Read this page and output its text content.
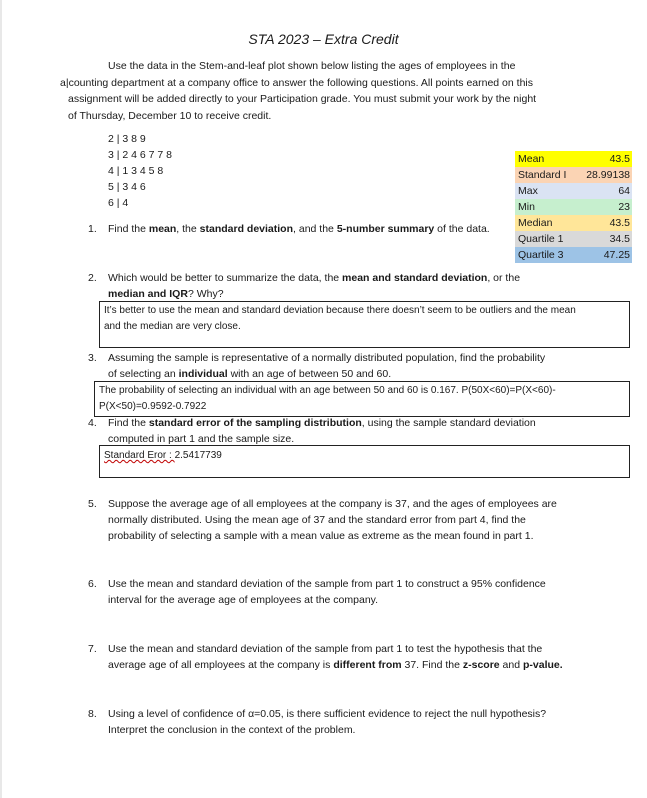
STA 2023 – Extra Credit
Use the data in the Stem-and-leaf plot shown below listing the ages of employees in the
a|counting department at a company office to answer the following questions. All points earned on this
assignment will be added directly to your Participation grade. You must submit your work by the night
of Thursday, December 10 to receive credit.
2 | 3 8 9
3 | 2 4 6 7 7 8
4 | 1 3 4 5 8
5 | 3 4 6
6 | 4
Mean	43.5
Standard I 28.99138
Max	64
Min	23
Median	43.5
Quartile 1	34.5
Quartile 3	47.25
1.	Find the mean, the standard deviation, and the 5-number summary of the data.
2.	Which would be better to summarize the data, the mean and standard deviation, or the
median and IQR? Why?
It’s better to use the mean and standard deviation because there doesn’t seem to be outliers and the mean
and the median are very close.
3.	Assuming the sample is representative of a normally distributed population, find the probability
of selecting an individual with an age of between 50 and 60.
The probability of selecting an individual with an age between 50 and 60 is 0.167. P(50X<60)=P(X<60)-
P(X<50)=0.9592-0.7922
4.	Find the standard error of the sampling distribution, using the sample standard deviation
computed in part 1 and the sample size.
Standard Eror : 2.5417739
5.	Suppose the average age of all employees at the company is 37, and the ages of employees are
normally distributed. Using the mean age of 37 and the standard error from part 4, find the
probability of selecting a sample with a mean value as extreme as the mean found in part 1.
6.	Use the mean and standard deviation of the sample from part 1 to construct a 95% confidence
interval for the average age of employees at the company.
7.	Use the mean and standard deviation of the sample from part 1 to test the hypothesis that the
average age of all employees at the company is different from 37. Find the z-score and p-value.
8.	Using a level of confidence of α=0.05, is there sufficient evidence to reject the null hypothesis?
Interpret the conclusion in the context of the problem.
